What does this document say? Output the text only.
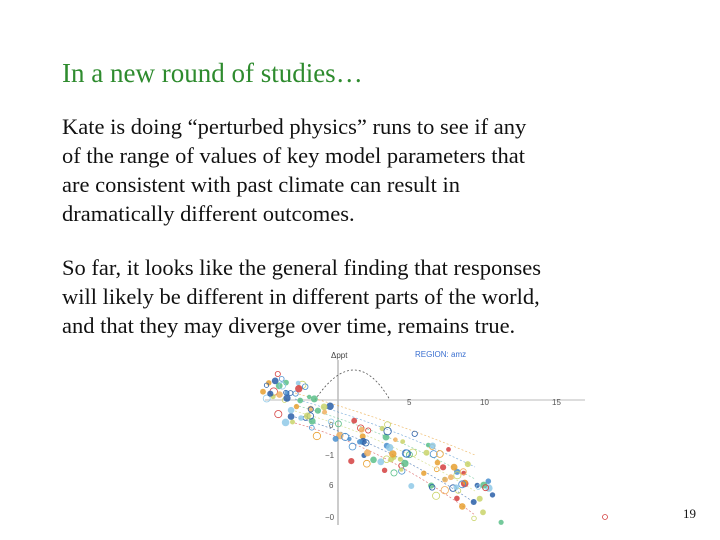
In a new round of studies…
Kate is doing “perturbed physics” runs to see if any
of the range of values of key model parameters that
are consistent with past climate can result in
dramatically different outcomes.
So far, it looks like the general finding that responses
will likely be different in different parts of the world,
and that they may diverge over time, remains true.
Δppt	REGION: amz
5	10	15
0
−1
6
−0	19
